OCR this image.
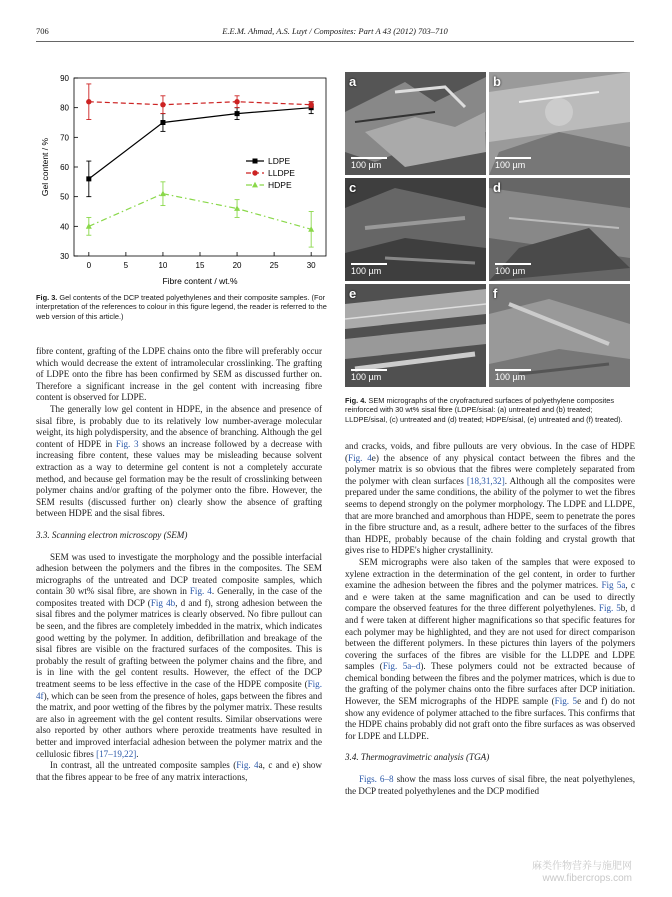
706	E.E.M. Ahmad, A.S. Luyt / Composites: Part A 43 (2012) 703–710
30
40
50
60
70
80
90
0	5	10	15	20	25	30
Fibre content / wt.%
Gel content / %	LDPE
LLDPE
HDPE
Fig. 3. Gel contents of the DCP treated polyethylenes and their composite samples. (For interpretation of the references to colour in this figure legend, the reader is referred to the web version of this article.)
a
100 µm
b
100 µm
c
100 µm
d
100 µm
e
100 µm
f
100 µm
Fig. 4. SEM micrographs of the cryofractured surfaces of polyethylene composites reinforced with 30 wt% sisal fibre (LDPE/sisal: (a) untreated and (b) treated; LLDPE/sisal, (c) untreated and (d) treated; HDPE/sisal, (e) untreated and (f) treated).

fibre content, grafting of the LDPE chains onto the fibre will preferably occur which would decrease the extent of intramolecular crosslinking. The grafting of LDPE onto the fibre has been confirmed by SEM as discussed further on. Therefore a significant increase in the gel content with increasing fibre content is observed for LDPE.

The generally low gel content in HDPE, in the absence and presence of sisal fibre, is probably due to its relatively low number-average molecular weight, its high polydispersity, and the absence of branching. Although the gel content of HDPE in Fig. 3 shows an increase followed by a decrease with increasing fibre content, these values may be misleading because solvent extraction as a way to determine gel content is not a completely accurate method, and because gel formation may be the result of crosslinking between polymer chains and/or grafting of the polymer onto the fibre. However, the SEM results (discussed further on) clearly show the absence of grafting between HDPE and the sisal fibres.

3.3. Scanning electron microscopy (SEM)

SEM was used to investigate the morphology and the possible interfacial adhesion between the polymers and the fibres in the composites. The SEM micrographs of the untreated and DCP treated composite samples, which contain 30 wt% sisal fibre, are shown in Fig. 4. Generally, in the case of the composites treated with DCP (Fig 4b, d and f), strong adhesion between the sisal fibres and the polymer matrices is clearly observed. No fibre pullout can be seen, and the fibres are completely imbedded in the matrix, which indicates good wetting by the polymer. In addition, defibrillation and breakage of the sisal fibres are visible on the fractured surfaces of the composites. This is probably the result of grafting between the polymer chains and the fibre, and is in line with the gel content results. However, the effect of the DCP treatment seems to be less effective in the case of the HDPE composite (Fig. 4f), which can be seen from the presence of holes, gaps between the fibres and the matrix, and poor wetting of the fibres by the polymer matrix. These results are also in agreement with the gel content results. Similar observations were also reported by other authors where peroxide treatments have resulted in better and improved interfacial adhesion between the polymer matrix and the cellulosic fibres [17–19,22].

In contrast, all the untreated composite samples (Fig. 4a, c and e) show that the fibres appear to be free of any matrix interactions,

and cracks, voids, and fibre pullouts are very obvious. In the case of HDPE (Fig. 4e) the absence of any physical contact between the fibres and the polymer matrix is so obvious that the fibres were completely separated from the polymer with clean surfaces [18,31,32]. Although all the composites were prepared under the same conditions, the ability of the polymer to wet the fibres seems to depend strongly on the polymer morphology. The LDPE and LLDPE, that are more branched and amorphous than HDPE, seem to penetrate the pores in the fibre structure and, as a result, adhere better to the surfaces of the fibres than HDPE, probably because of the chain folding and crystal growth that gives rise to HDPE's higher crystallinity.

SEM micrographs were also taken of the samples that were exposed to xylene extraction in the determination of the gel content, in order to further examine the adhesion between the fibres and the polymer matrices. Fig 5a, c and e were taken at the same magnification and can be used to directly compare the observed features for the three different polyethylenes. Fig. 5b, d and f were taken at different higher magnifications so that specific features for each polymer may be highlighted, and they are not used for direct comparison between the different polymers. In these pictures thin layers of the polymers covering the surfaces of the fibres are visible for the LLDPE and LDPE samples (Fig. 5a–d). These polymers could not be extracted because of chemical bonding between the fibres and the polymer matrices, which is due to the grafting of the polymer chains onto the fibre surfaces after DCP initiation. However, the SEM micrographs of the HDPE sample (Fig. 5e and f) do not show any evidence of polymer attached to the fibre surfaces. This confirms that the HDPE chains probably did not graft onto the fibre surfaces as was observed for LDPE and LLDPE.

3.4. Thermogravimetric analysis (TGA)

Figs. 6–8 show the mass loss curves of sisal fibre, the neat polyethylenes, the DCP treated polyethylenes and the DCP modified

麻类作物营养与施肥网
www.fibercrops.com
